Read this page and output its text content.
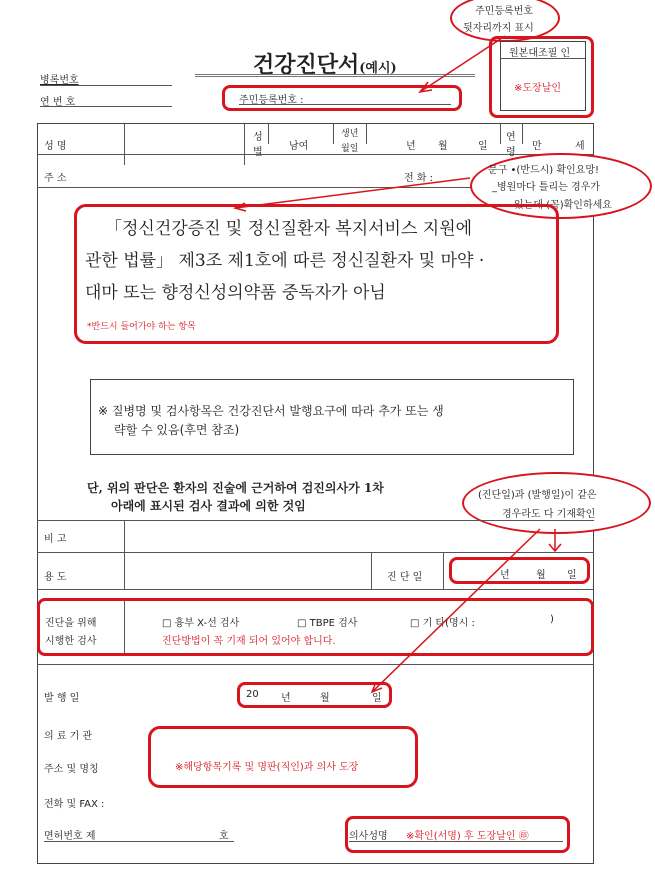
주민등록번호
뒷자리까지 표시
병록번호
연 번 호
건강진단서(예시)
주민등록번호 :
원본대조필 인
※도장날인
성 명
성
별
남여
생년
월일	년 월	일
연
령
만	세
주 소	전 화 :
문구 •(반드시) 확인요망!
_병원마다 틀리는 경우가
있는데 (꼭)확인하세요
「정신건강증진 및 정신질환자 복지서비스 지원에
관한 법률」 제3조 제1호에 따른 정신질환자 및 마약 ·
대마 또는 향정신성의약품 중독자가 아님
*반드시 들어가야 하는 항목
※ 질병명 및 검사항목은 건강진단서 발행요구에 따라 추가 또는 생
략할 수 있음(후면 참조)
단, 위의 판단은 환자의 진술에 근거하여 검진의사가 1차
아래에 표시된 검사 결과에 의한 것임
(진단일)과 (발행일)이 같은
경우라도 다 기재확인
비 고
용 도	진 단 일	년	월 일
진단을 위해
시행한 검사
□ 흉부 X-선 검사	□ TBPE 검사	□ 기 타(명시 :	)
진단방법이 꼭 기재 되어 있어야 합니다.
발 행 일	20 년	월	일
의 료 기 관
주소 및 명칭	※해당항목기록 및 명판(직인)과 의사 도장
전화 및 FAX :
면허번호 제	호	의사성명 ※확인(서명) 후 도장날인 ㊞
